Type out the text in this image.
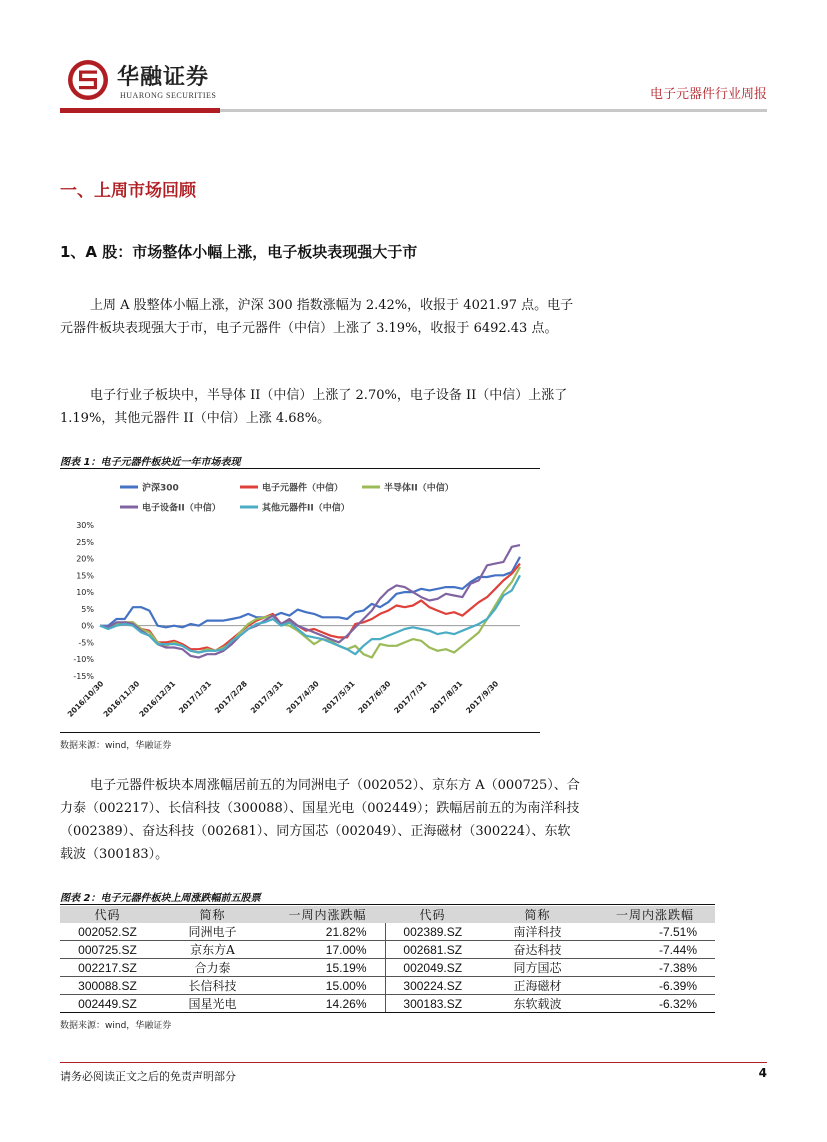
华融证券
HUARONG SECURITIES	电子元器件行业周报
一、上周市场回顾
1、A 股：市场整体小幅上涨，电子板块表现强大于市
上周 A 股整体小幅上涨，沪深 300 指数涨幅为 2.42%，收报于 4021.97 点。电子元器件板块表现强大于市，电子元器件（中信）上涨了 3.19%，收报于 6492.43 点。
电子行业子板块中，半导体 II（中信）上涨了 2.70%，电子设备 II（中信）上涨了 1.19%，其他元器件 II（中信）上涨 4.68%。
图表 1：电子元器件板块近一年市场表现
30%
25%
20%
15%
10%
5%
0%
-5%
-10%
-15%
2016/10/30
2016/11/30
2016/12/31 2017/1/31 2017/2/28 2017/3/31 2017/4/30 2017/5/31 2017/6/30 2017/7/31 2017/8/31 2017/9/30
沪深300	电子元器件（中信）	半导体II（中信）
电子设备II（中信）	其他元器件II（中信）
数据来源：wind，华融证券
电子元器件板块本周涨幅居前五的为同洲电子（002052）、京东方 A（000725）、合力泰（002217）、长信科技（300088）、国星光电（002449）；跌幅居前五的为南洋科技（002389）、奋达科技（002681）、同方国芯（002049）、正海磁材（300224）、东软载波（300183）。
图表 2：电子元器件板块上周涨跌幅前五股票
代码	简称	一周内涨跌幅	代码	简称	一周内涨跌幅
002052.SZ	同洲电子	21.82%	002389.SZ	南洋科技	-7.51%
000725.SZ	京东方A	17.00%	002681.SZ	奋达科技	-7.44%
002217.SZ	合力泰	15.19%	002049.SZ	同方国芯	-7.38%
300088.SZ	长信科技	15.00%	300224.SZ	正海磁材	-6.39%
002449.SZ	国星光电	14.26%	300183.SZ	东软载波	-6.32%
数据来源：wind，华融证券
请务必阅读正文之后的免责声明部分	4
